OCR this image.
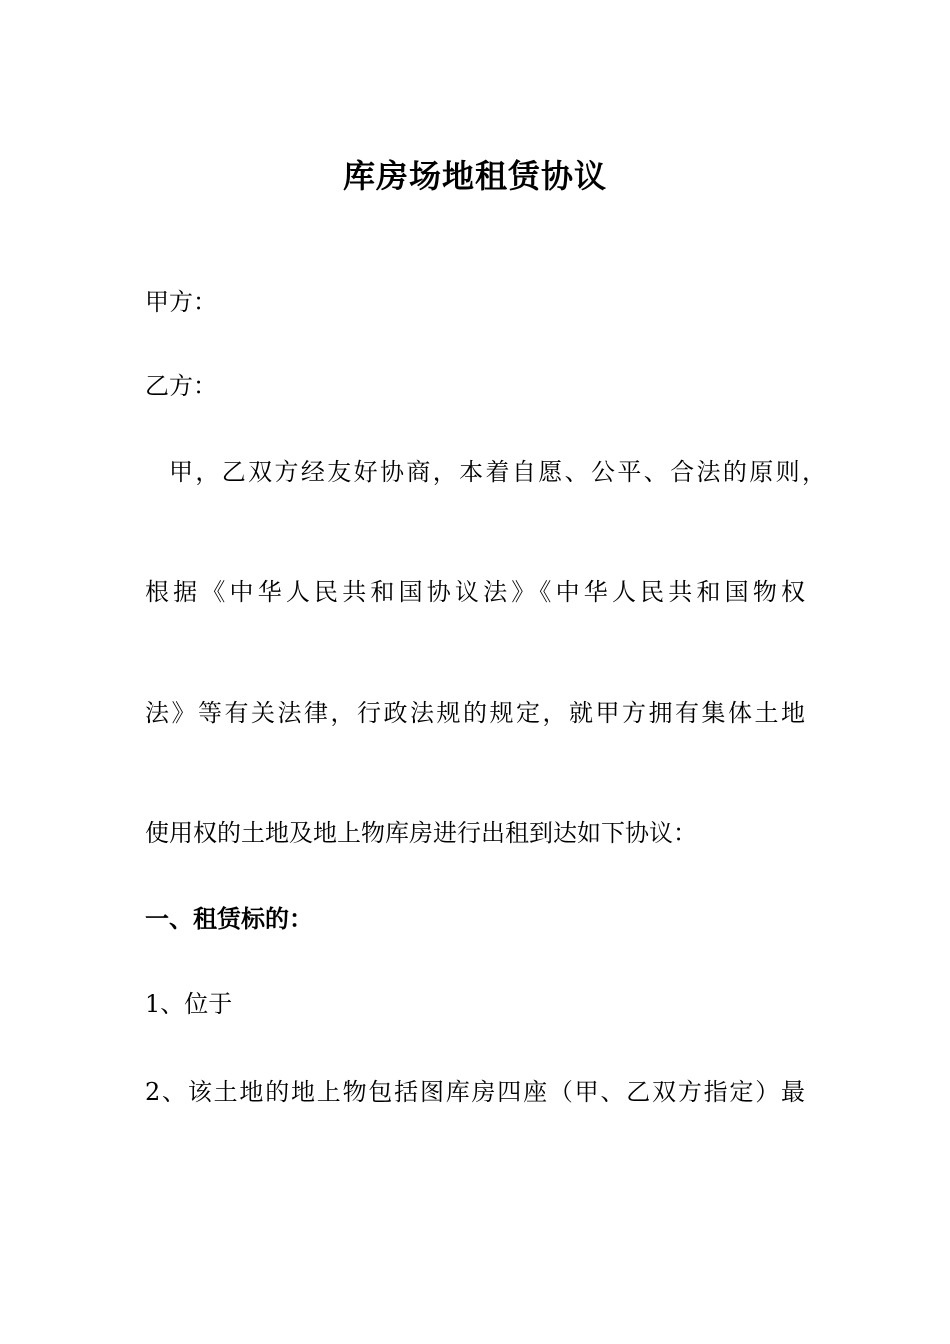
库房场地租赁协议

甲方：

乙方：

甲，乙双方经友好协商，本着自愿、公平、合法的原则，

根据《中华人民共和国协议法》《中华人民共和国物权

法》等有关法律，行政法规的规定，就甲方拥有集体土地

使用权的土地及地上物库房进行出租到达如下协议：

一、租赁标的：

1、位于

2、该土地的地上物包括图库房四座（甲、乙双方指定）最
